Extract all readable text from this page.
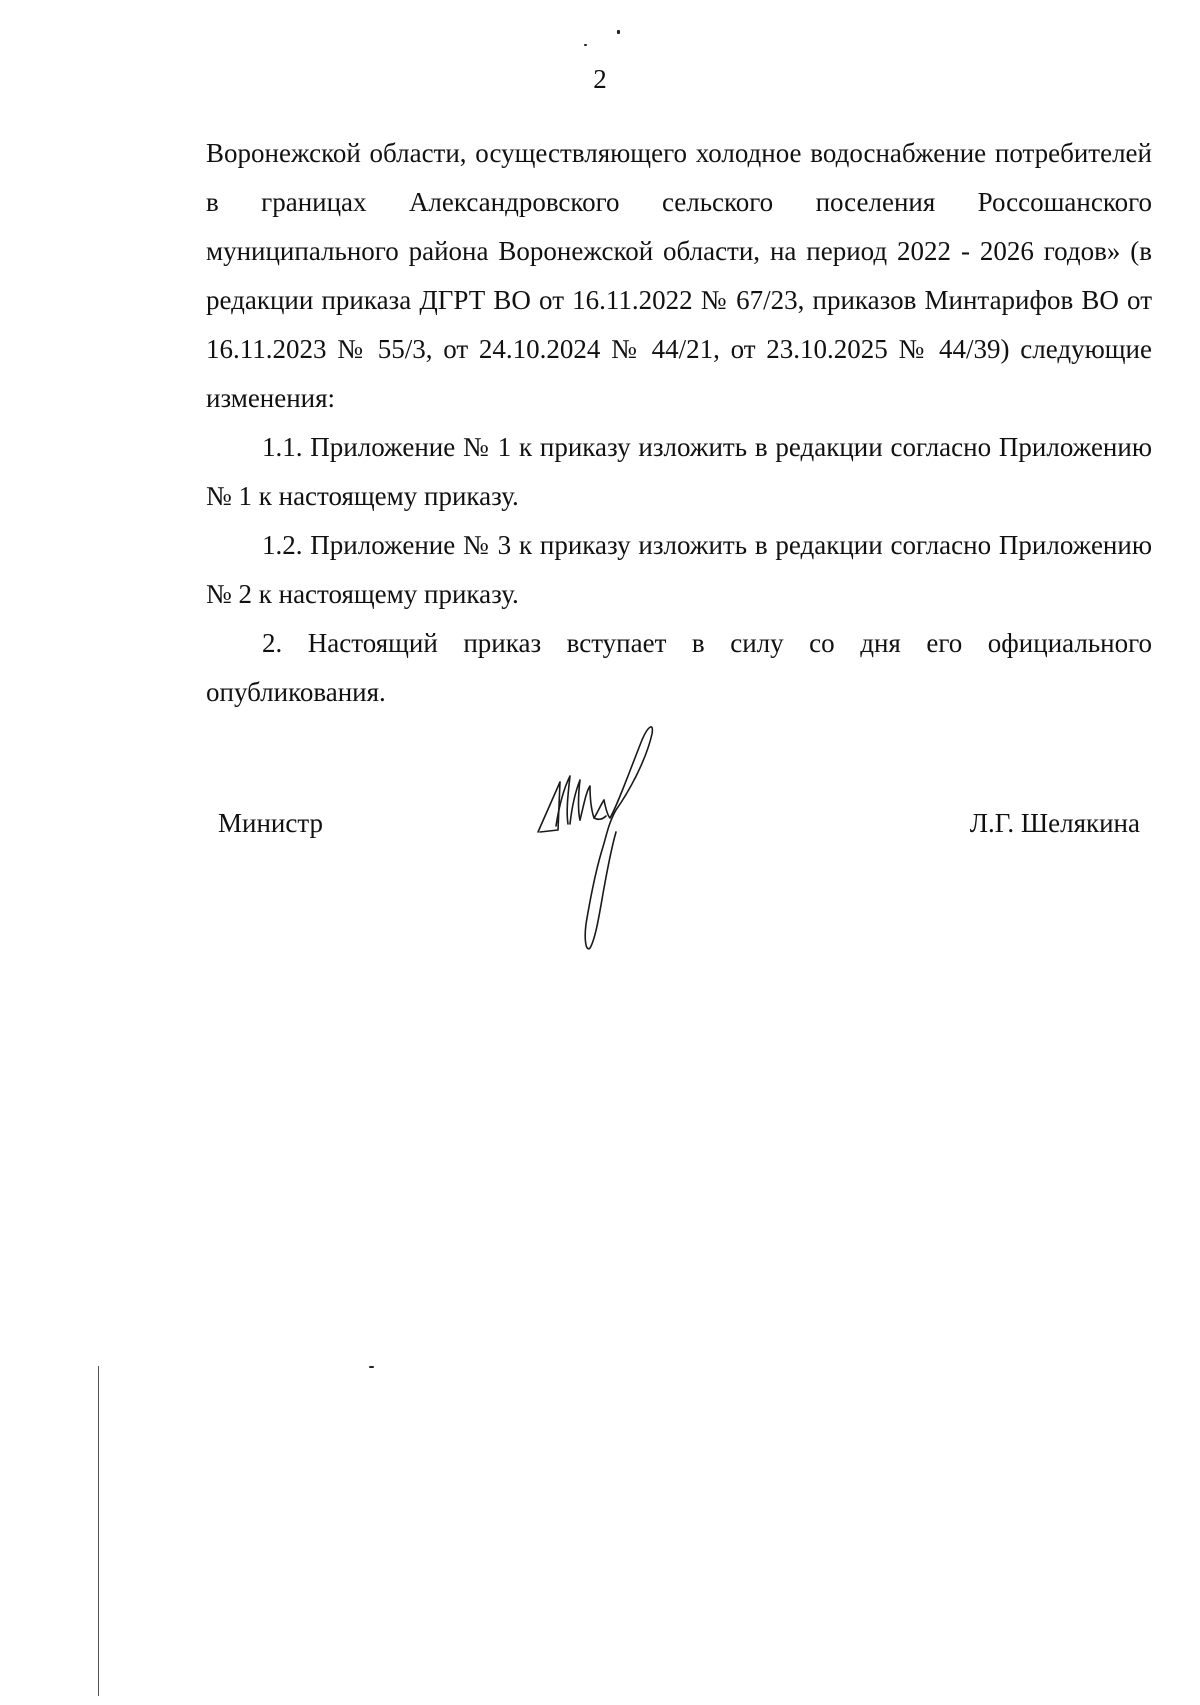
2

Воронежской области, осуществляющего холодное водоснабжение потребителей в границах Александровского сельского поселения Россошанского муниципального района Воронежской области, на период 2022 - 2026 годов» (в редакции приказа ДГРТ ВО от 16.11.2022 № 67/23, приказов Минтарифов ВО от 16.11.2023 № 55/3, от 24.10.2024 № 44/21, от 23.10.2025 № 44/39) следующие изменения:

1.1. Приложение № 1 к приказу изложить в редакции согласно Приложению № 1 к настоящему приказу.

1.2. Приложение № 3 к приказу изложить в редакции согласно Приложению № 2 к настоящему приказу.

2. Настоящий приказ вступает в силу со дня его официального опубликования.

Министр	Л.Г. Шелякина
